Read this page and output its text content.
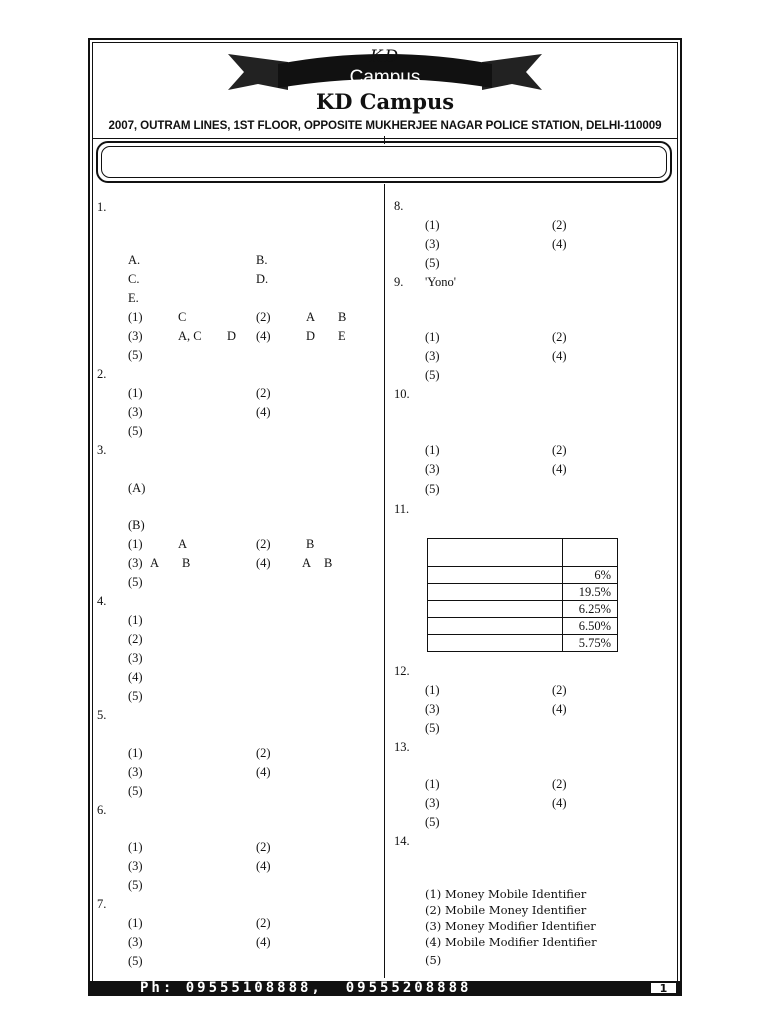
KD
Campus
KD Campus
2007, OUTRAM LINES, 1ST FLOOR, OPPOSITE MUKHERJEE NAGAR POLICE STATION, DELHI-110009
1.
A.	B.
C.	D.
E.
(1)	C	(2)	A B
(3)	A, C D (4)	D E
(5)
2.
(1)	(2)
(3)	(4)
(5)
3.
(A)
(B)
(1)	A	(2)	B
(3) A B	(4)	A B
(5)
4.
(1)
(2)
(3)
(4)
(5)
5.
(1)	(2)
(3)	(4)
(5)
6.
(1)	(2)
(3)	(4)
(5)
7.
(1)	(2)
(3)	(4)
(5)
8.
(1)	(2)
(3)	(4)
(5)
9. 'Yono'
(1)	(2)
(3)	(4)
(5)
10.
(1)	(2)
(3)	(4)
(5)
11.

	6%
	19.5%
	6.25%
	6.50%
	5.75%
12.
(1)	(2)
(3)	(4)
(5)
13.
(1)	(2)
(3)	(4)
(5)
14.
(1) Money Mobile Identifier
(2) Mobile Money Identifier
(3) Money Modifier Identifier
(4) Mobile Modifier Identifier
(5)
Ph: 09555108888,  09555208888	1
